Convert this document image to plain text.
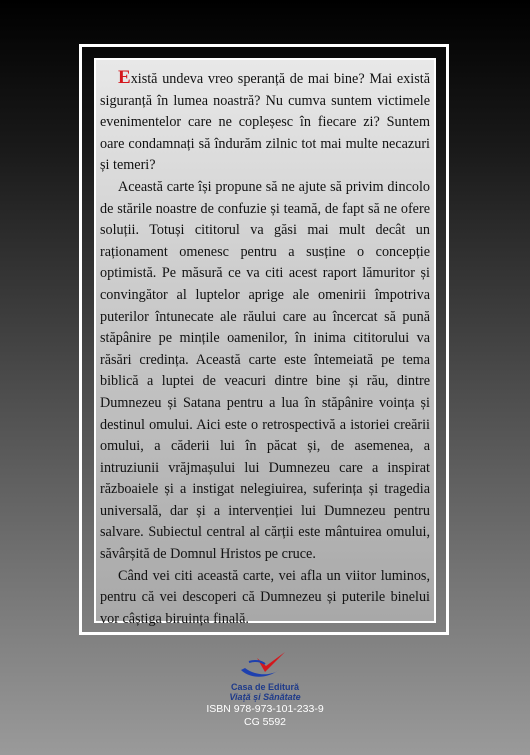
Există undeva vreo speranță de mai bine? Mai există siguranță în lumea noastră? Nu cumva suntem victimele evenimentelor care ne copleșesc în fiecare zi? Suntem oare condamnați să îndurăm zilnic tot mai multe necazuri și temeri?

Această carte își propune să ne ajute să privim dincolo de stările noastre de confuzie și teamă, de fapt să ne ofere soluții. Totuși cititorul va găsi mai mult decât un raționament omenesc pentru a susține o concepție optimistă. Pe măsură ce va citi acest raport lămuritor și convingător al luptelor aprige ale omenirii împotriva puterilor întunecate ale răului care au încercat să pună stăpânire pe mințile oamenilor, în inima cititorului va răsări credința. Această carte este întemeiată pe tema biblică a luptei de veacuri dintre bine și rău, dintre Dumnezeu și Satana pentru a lua în stăpânire voința și destinul omului. Aici este o retrospectivă a istoriei creării omului, a căderii lui în păcat și, de asemenea, a intruziunii vrăjmașului lui Dumnezeu care a inspirat războaiele și a instigat nelegiuirea, suferința și tragedia universală, dar și a intervenției lui Dumnezeu pentru salvare. Subiectul central al cărții este mântuirea omului, săvârșită de Domnul Hristos pe cruce.

Când vei citi această carte, vei afla un viitor luminos, pentru că vei descoperi că Dumnezeu și puterile binelui vor câștiga biruința finală.

Casa de Editură
Viață și Sănătate
ISBN 978-973-101-233-9
CG 5592
